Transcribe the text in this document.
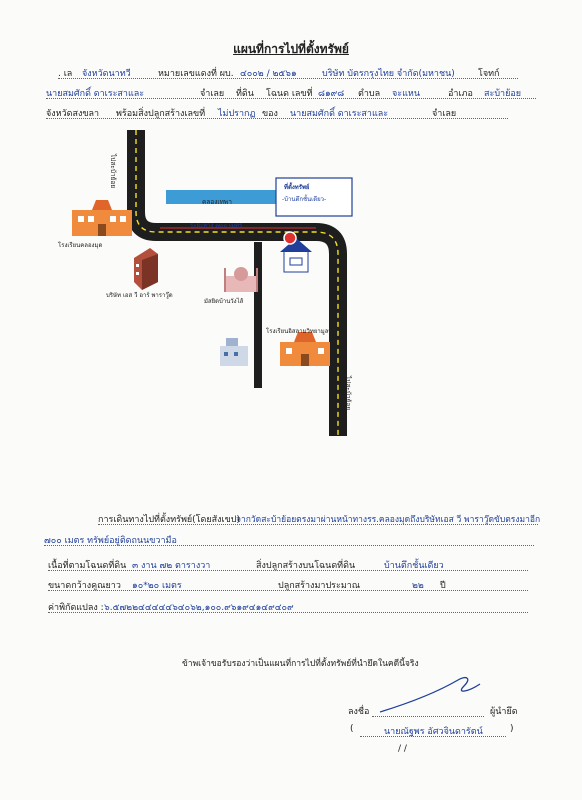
แผนที่การไปที่ตั้งทรัพย์
. เล จังหวัดนาทวี	หมายเลขแดงที่ ผบ. ๔๐๐๒ / ๒๕๖๑	บริษัท บัตรกรุงไทย จำกัด(มหาชน)	โจทก์
นายสมศักดิ์ ดาเระสาและ	จำเลย ที่ดิน โฉนด เลขที่ ๘๑๙๘ ตำบล จะแหน	อำเภอ สะบ้าย้อย
จังหวัดสงขลา พร้อมสิ่งปลูกสร้างเลขที่ ไม่ปรากฏ ของ นายสมศักดิ์ ดาเระสาและ	จำเลย
คลองเทพา
ไปสะบ้าย้อย
ไปสะบ้าย้อย
ระยะทาง ๗๐๐ เมตร
ที่ตั้งทรัพย์
-บ้านตึกชั้นเดียว-
โรงเรียนคลองมุด
บริษัท เอส วี อาร์ พาราวู๊ด
มัสยิดบ้านวังไส้
โรงเรียนอิสลามวิทยามูลนิธิ
การเดินทางไปที่ตั้งทรัพย์(โดยสังเขป)
จากวัดสะบ้าย้อยตรงมาผ่านหน้าทางรร.คลองมุดถึงบริษัทเอส วี พาราวู๊ดขับตรงมาอีก
๗๐๐ เมตร ทรัพย์อยู่ติดถนนขวามือ
เนื้อที่ตามโฉนดที่ดิน ๓ งาน ๗๒ ตารางวา	สิ่งปลูกสร้างบนโฉนดที่ดิน	บ้านตึกชั้นเดียว
ขนาดกว้างคูณยาว ๑๐*๒๐ เมตร	ปลูกสร้างมาประมาณ	๒๒ ปี
ค่าพิกัดแปลง : ๖.๕๗๒๒๔๔๔๔๔๖๔๐๖๒,๑๐๐.๙๖๑๙๔๑๔๙๔๐๙
ข้าพเจ้าขอรับรองว่าเป็นแผนที่การไปที่ตั้งทรัพย์ที่นำยึดในคดีนี้จริง
ลงชื่อ	ผู้นำยึด
(	นายณัฐพร อัศวจินดารัตน์	)
/ /
